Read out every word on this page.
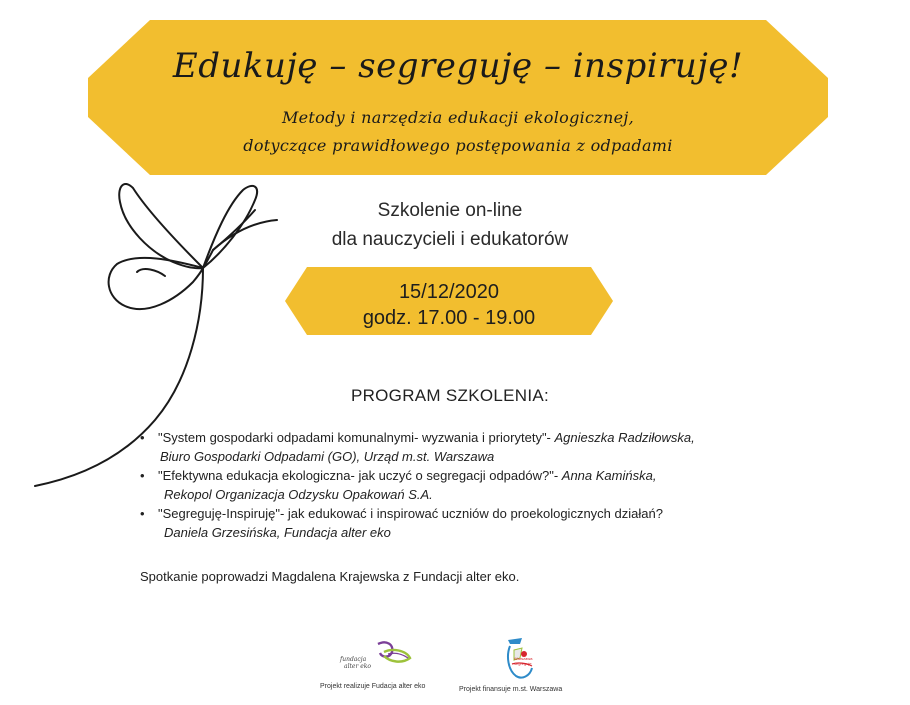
Edukuję – segreguję – inspiruję!
Metody i narzędzia edukacji ekologicznej,
dotyczące prawidłowego postępowania z odpadami
Szkolenie on-line
dla nauczycieli i edukatorów
15/12/2020
godz. 17.00 - 19.00
PROGRAM SZKOLENIA:
• "System gospodarki odpadami komunalnymi- wyzwania i priorytety"- Agnieszka Radziłowska,
Biuro Gospodarki Odpadami (GO), Urząd m.st. Warszawa
• "Efektywna edukacja ekologiczna- jak uczyć o segregacji odpadów?"- Anna Kamińska,
Rekopol Organizacja Odzysku Opakowań S.A.
• "Segreguję-Inspiruję"- jak edukować i inspirować uczniów do proekologicznych działań?
Daniela Grzesińska, Fundacja alter eko
Spotkanie poprowadzi Magdalena Krajewska z Fundacji alter eko.
fundacja
alter eko
Projekt realizuje Fudacja alter eko
Warszawa
segreguje
Projekt finansuje m.st. Warszawa
